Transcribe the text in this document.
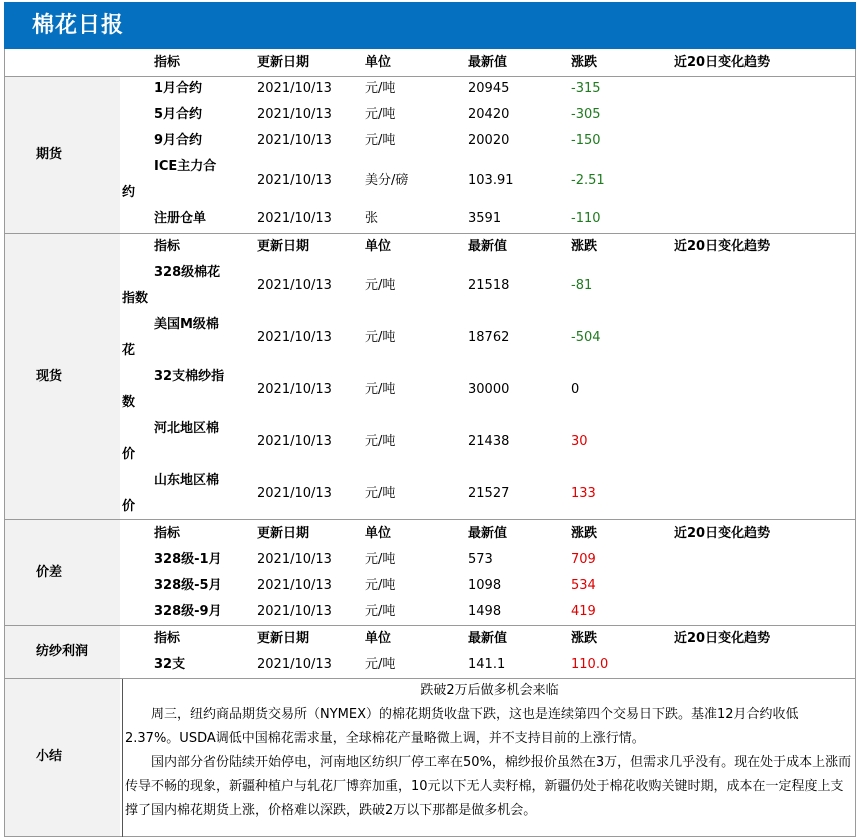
棉花日报
指标	更新日期	单位	最新值	涨跌	近20日变化趋势
期货
1月合约	2021/10/13	元/吨	20945	-315
5月合约	2021/10/13	元/吨	20420	-305
9月合约	2021/10/13	元/吨	20020	-150
ICE主力合
约
2021/10/13	美分/磅	103.91	-2.51
注册仓单	2021/10/13	张	3591	-110
指标	更新日期	单位	最新值	涨跌	近20日变化趋势
现货
328级棉花
指数
2021/10/13	元/吨	21518	-81
美国M级棉
花
2021/10/13	元/吨	18762	-504
32支棉纱指
数
2021/10/13	元/吨	30000	0
河北地区棉
价
2021/10/13	元/吨	21438	30
山东地区棉
价
2021/10/13	元/吨	21527	133
指标	更新日期	单位	最新值	涨跌	近20日变化趋势
价差
328级-1月	2021/10/13	元/吨	573	709
328级-5月	2021/10/13	元/吨	1098	534
328级-9月	2021/10/13	元/吨	1498	419
指标	更新日期	单位	最新值	涨跌	近20日变化趋势
纺纱利润
32支	2021/10/13	元/吨	141.1	110.0
小结
跌破2万后做多机会来临
周三，纽约商品期货交易所（NYMEX）的棉花期货收盘下跌，这也是连续第四个交易日下跌。基准12月合约收低2.37%。USDA调低中国棉花需求量，全球棉花产量略微上调，并不支持目前的上涨行情。
国内部分省份陆续开始停电，河南地区纺织厂停工率在50%，棉纱报价虽然在3万，但需求几乎没有。现在处于成本上涨而传导不畅的现象，新疆种植户与轧花厂博弈加重，10元以下无人卖籽棉，新疆仍处于棉花收购关键时期，成本在一定程度上支撑了国内棉花期货上涨，价格难以深跌，跌破2万以下那都是做多机会。
